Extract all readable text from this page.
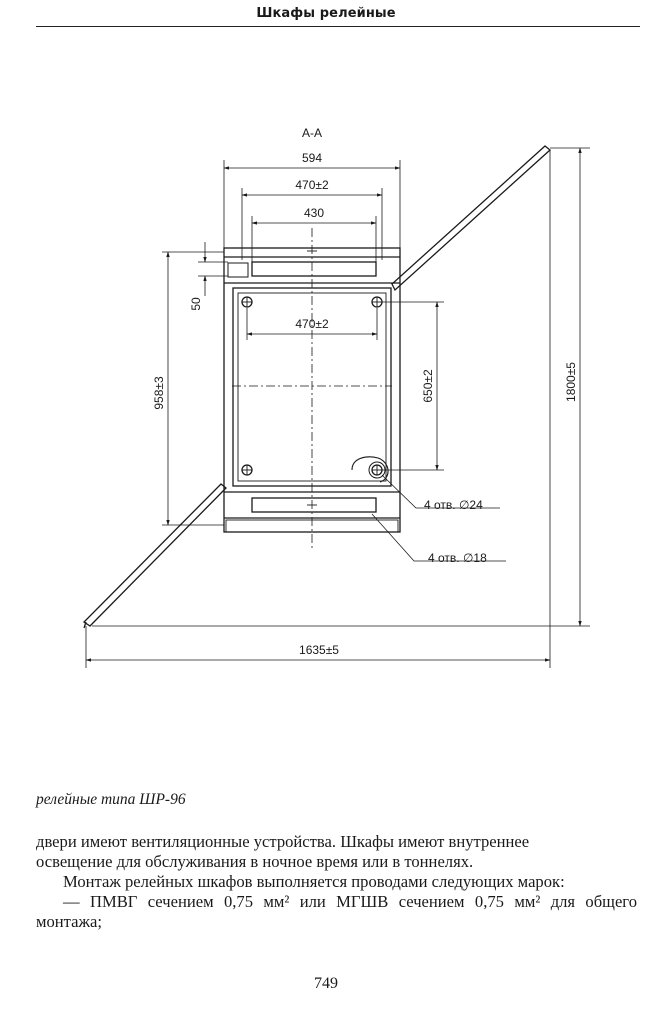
Шкафы релейные
А-А
594
470±2
430
470±2
958±3
50
650±2	1800±5
1635±5
4 отв. ∅24
4 отв. ∅18
релейные типа ШР-96

двери имеют вентиляционные устройства. Шкафы имеют внутреннее

освещение для обслуживания в ночное время или в тоннелях.

Монтаж релейных шкафов выполняется проводами следующих марок:

— ПМВГ сечением 0,75 мм² или МГШВ сечением 0,75 мм² для общего монтажа;

749
